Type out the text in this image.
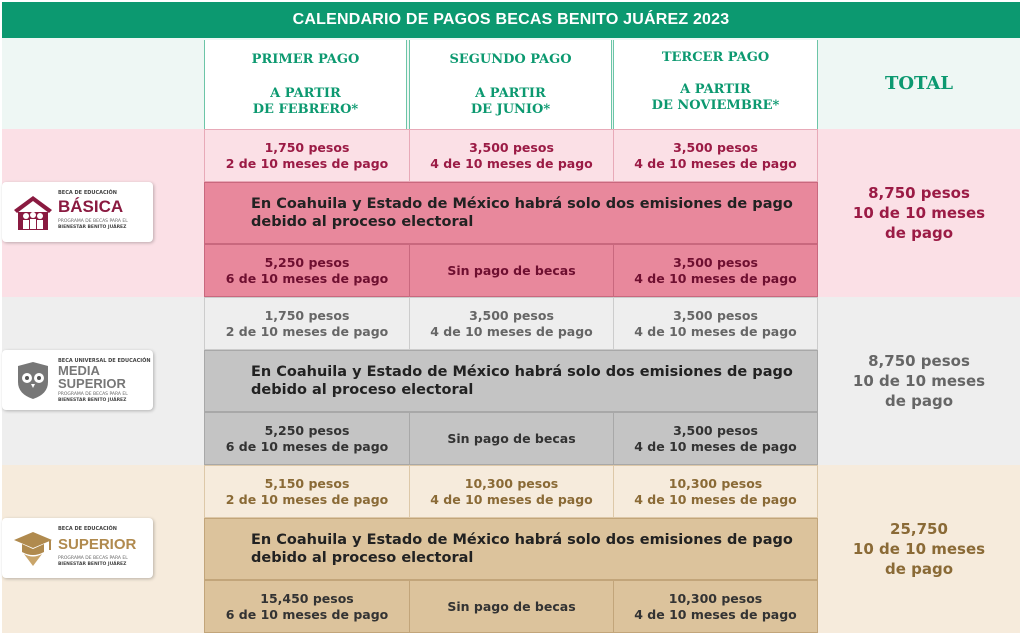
CALENDARIO DE PAGOS BECAS BENITO JUÁREZ 2023
PRIMER PAGO
A PARTIR
DE FEBRERO*
SEGUNDO PAGO
A PARTIR
DE JUNIO*
TERCER PAGO
A PARTIR
DE NOVIEMBRE*
TOTAL
1,750 pesos
2 de 10 meses de pago
3,500 pesos
4 de 10 meses de pago
3,500 pesos
4 de 10 meses de pago
En Coahuila y Estado de México habrá solo dos emisiones de pago
debido al proceso electoral
5,250 pesos
6 de 10 meses de pago
Sin pago de becas
3,500 pesos
4 de 10 meses de pago
8,750 pesos
10 de 10 meses
de pago
BECA DE EDUCACIÓN
BÁSICA
PROGRAMA DE BECAS PARA EL
BIENESTAR BENITO JUÁREZ
1,750 pesos
2 de 10 meses de pago
3,500 pesos
4 de 10 meses de pago
3,500 pesos
4 de 10 meses de pago
En Coahuila y Estado de México habrá solo dos emisiones de pago
debido al proceso electoral
5,250 pesos
6 de 10 meses de pago
Sin pago de becas
3,500 pesos
4 de 10 meses de pago
8,750 pesos
10 de 10 meses
de pago
BECA UNIVERSAL DE EDUCACIÓN
MEDIA
SUPERIOR
PROGRAMA DE BECAS PARA EL
BIENESTAR BENITO JUÁREZ
5,150 pesos
2 de 10 meses de pago
10,300 pesos
4 de 10 meses de pago
10,300 pesos
4 de 10 meses de pago
En Coahuila y Estado de México habrá solo dos emisiones de pago
debido al proceso electoral
15,450 pesos
6 de 10 meses de pago
Sin pago de becas
10,300 pesos
4 de 10 meses de pago
25,750
10 de 10 meses
de pago
BECA DE EDUCACIÓN
SUPERIOR
PROGRAMA DE BECAS PARA EL
BIENESTAR BENITO JUÁREZ
